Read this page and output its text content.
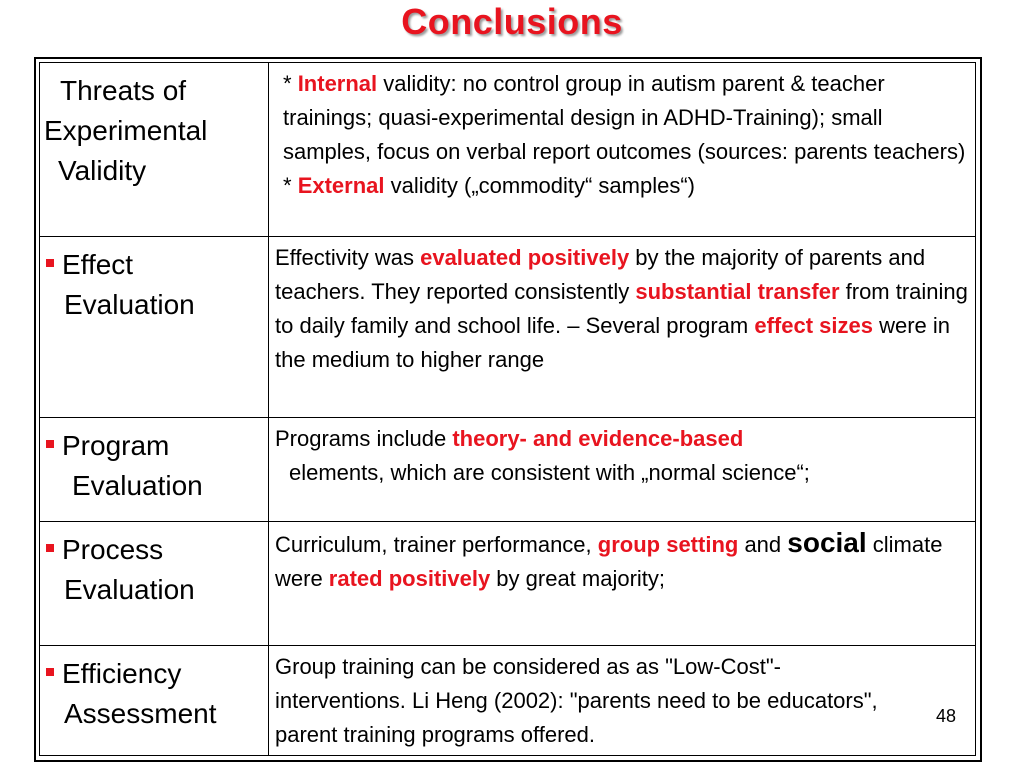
Conclusions
Threats of
Experimental
Validity
* Internal validity: no control group in autism parent & teacher trainings; quasi-experimental design in ADHD-Training); small samples, focus on verbal report outcomes (sources: parents teachers)
* External validity („commodity“ samples“)
Effect
Evaluation
Effectivity was evaluated positively by the majority of parents and teachers. They reported consistently substantial transfer from training to daily family and school life. – Several program effect sizes were in the medium to higher range
Program
Evaluation
Programs include theory- and evidence-based
elements, which are consistent with „normal science“;
Process
Evaluation
Curriculum, trainer performance, group setting and social climate were rated positively by great majority;
Efficiency
Assessment
Group training can be considered as as "Low-Cost"-interventions. Li Heng (2002): "parents need to be educators", parent training programs offered.
48
